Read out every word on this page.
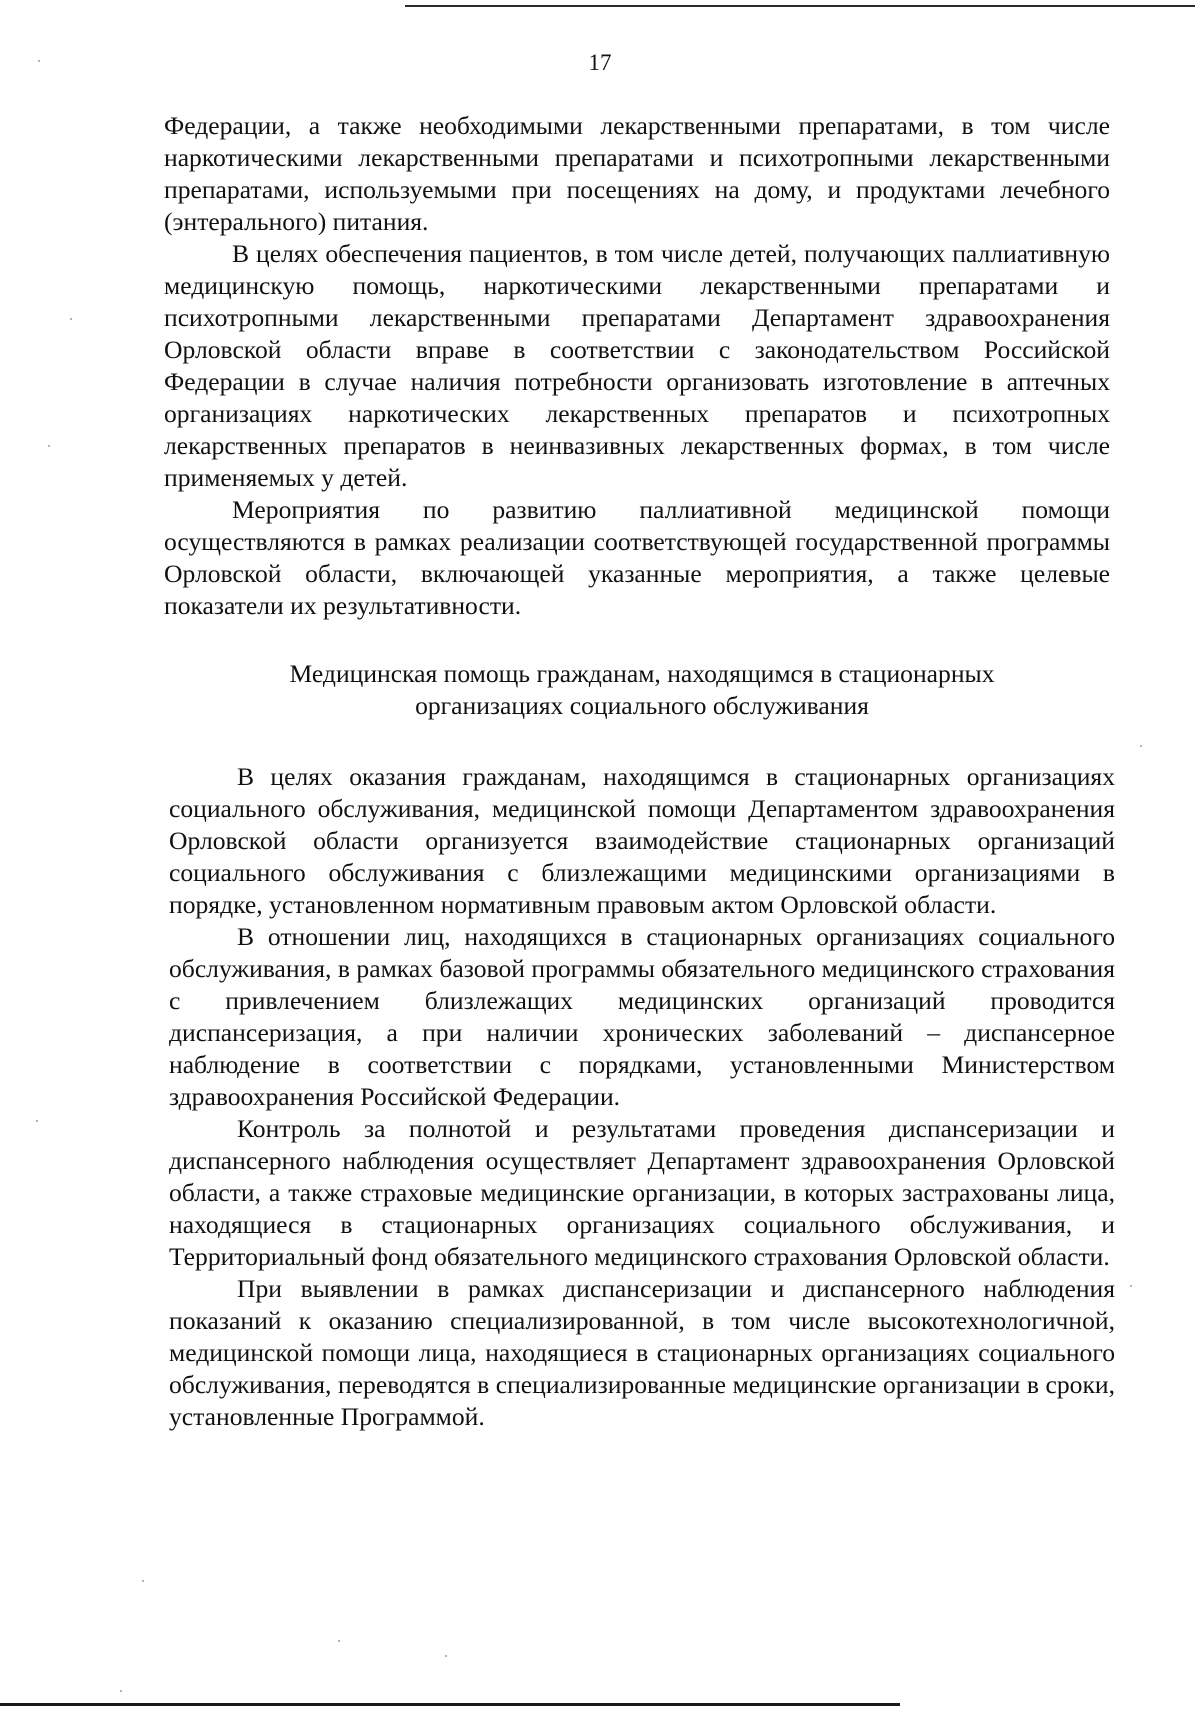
17

Федерации, а также необходимыми лекарственными препаратами, в том числе наркотическими лекарственными препаратами и психотропными лекарственными препаратами, используемыми при посещениях на дому, и продуктами лечебного (энтерального) питания.

В целях обеспечения пациентов, в том числе детей, получающих паллиативную медицинскую помощь, наркотическими лекарственными препаратами и психотропными лекарственными препаратами Департамент здравоохранения Орловской области вправе в соответствии с законодательством Российской Федерации в случае наличия потребности организовать изготовление в аптечных организациях наркотических лекарственных препаратов и психотропных лекарственных препаратов в неинвазивных лекарственных формах, в том числе применяемых у детей.

Мероприятия по развитию паллиативной медицинской помощи осуществляются в рамках реализации соответствующей государственной программы Орловской области, включающей указанные мероприятия, а также целевые показатели их результативности.

Медицинская помощь гражданам, находящимся в стационарных
организациях социального обслуживания

В целях оказания гражданам, находящимся в стационарных организациях социального обслуживания, медицинской помощи Департаментом здравоохранения Орловской области организуется взаимодействие стационарных организаций социального обслуживания с близлежащими медицинскими организациями в порядке, установленном нормативным правовым актом Орловской области.

В отношении лиц, находящихся в стационарных организациях социального обслуживания, в рамках базовой программы обязательного медицинского страхования с привлечением близлежащих медицинских организаций проводится диспансеризация, а при наличии хронических заболеваний – диспансерное наблюдение в соответствии с порядками, установленными Министерством здравоохранения Российской Федерации.

Контроль за полнотой и результатами проведения диспансеризации и диспансерного наблюдения осуществляет Департамент здравоохранения Орловской области, а также страховые медицинские организации, в которых застрахованы лица, находящиеся в стационарных организациях социального обслуживания, и Территориальный фонд обязательного медицинского страхования Орловской области.

При выявлении в рамках диспансеризации и диспансерного наблюдения показаний к оказанию специализированной, в том числе высокотехнологичной, медицинской помощи лица, находящиеся в стационарных организациях социального обслуживания, переводятся в специализированные медицинские организации в сроки, установленные Программой.
